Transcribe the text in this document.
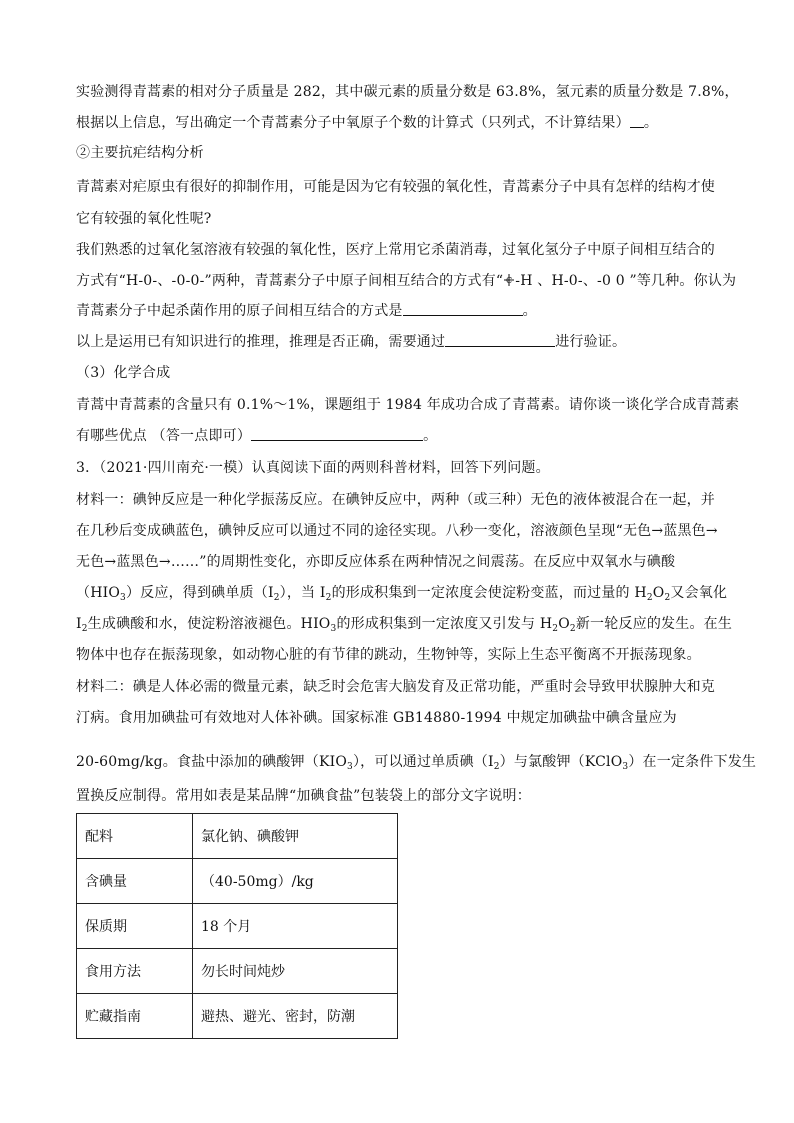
实验测得青蒿素的相对分子质量是 282，其中碳元素的质量分数是 63.8%，氢元素的质量分数是 7.8%，
根据以上信息，写出确定一个青蒿素分子中氧原子个数的计算式（只列式，不计算结果） 。
②主要抗疟结构分析
青蒿素对疟原虫有很好的抑制作用，可能是因为它有较强的氧化性，青蒿素分子中具有怎样的结构才使
它有较强的氧化性呢?
我们熟悉的过氧化氢溶液有较强的氧化性，医疗上常用它杀菌消毒，过氧化氢分子中原子间相互结合的
方式有“H-0-、-0-0-”两种，青蒿素分子中原子间相互结合的方式有“ C -H 、H-0-、-0 0 ”等几种。你认为
青蒿素分子中起杀菌作用的原子间相互结合的方式是	。
以上是运用已有知识进行的推理，推理是否正确，需要通过	进行验证。
（3）化学合成
青蒿中青蒿素的含量只有 0.1%～1%，课题组于 1984 年成功合成了青蒿素。请你谈一谈化学合成青蒿素
有哪些优点 （答一点即可）	。
3．（2021·四川南充·一模）认真阅读下面的两则科普材料，回答下列问题。
材料一：碘钟反应是一种化学振荡反应。在碘钟反应中，两种（或三种）无色的液体被混合在一起，并
在几秒后变成碘蓝色，碘钟反应可以通过不同的途径实现。八秒一变化，溶液颜色呈现“无色→蓝黑色→
无色→蓝黑色→……”的周期性变化，亦即反应体系在两种情况之间震荡。在反应中双氧水与碘酸
$(HIO_3)$反应，得到碘单质$(I_2)$，当 $I_2$的形成积集到一定浓度会使淀粉变蓝，而过量的 $H_2O_2$又会氧化
$I_2$生成碘酸和水，使淀粉溶液褪色。$HIO_3$的形成积集到一定浓度又引发与 $H_2O_2$新一轮反应的发生。在生
物体中也存在振荡现象，如动物心脏的有节律的跳动，生物钟等，实际上生态平衡离不开振荡现象。
材料二：碘是人体必需的微量元素，缺乏时会危害大脑发育及正常功能，严重时会导致甲状腺肿大和克
汀病。食用加碘盐可有效地对人体补碘。国家标准 GB14880-1994 中规定加碘盐中碘含量应为
20-60mg/kg。食盐中添加的碘酸钾$(KIO_3)$，可以通过单质碘$(I_2)$与氯酸钾（KClO$_3$）在一定条件下发生
置换反应制得。常用如表是某品牌“加碘食盐”包装袋上的部分文字说明：
配料	氯化钠、碘酸钾
含碘量	（40-50mg）/kg
保质期	18 个月
食用方法	勿长时间炖炒
贮藏指南	避热、避光、密封，防潮
